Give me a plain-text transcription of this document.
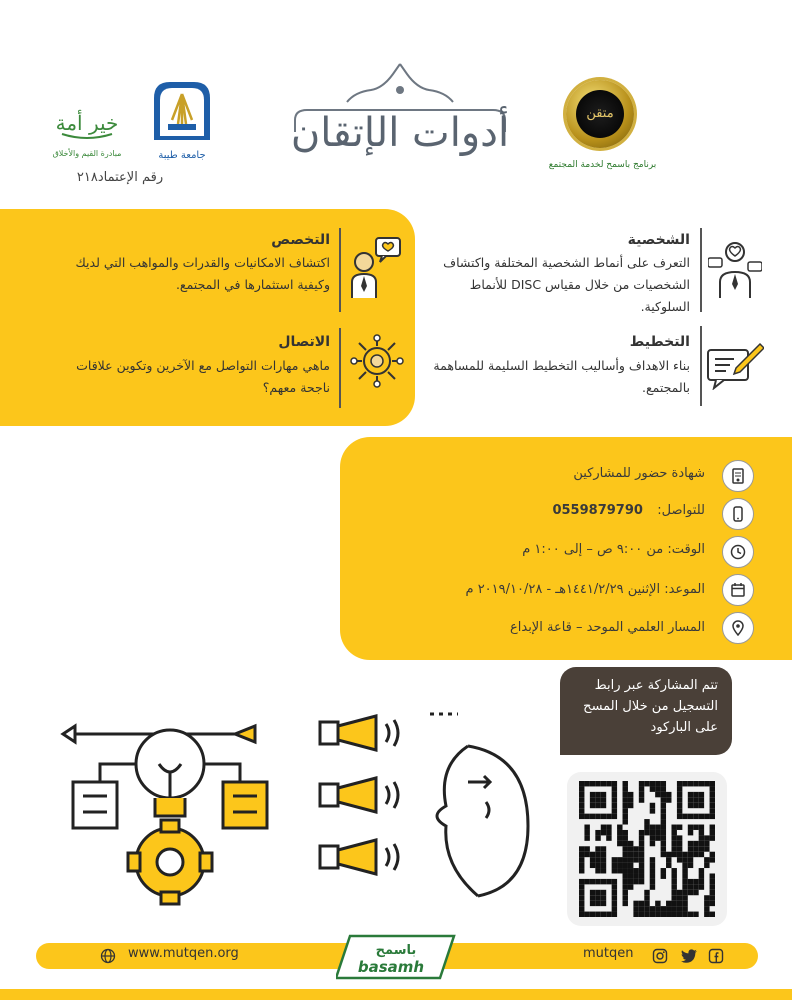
خير أمة
مبادرة القيم والأخلاق	جامعة طيبة
رقم الإعتماد٢١٨
أدوات الإتقان	متقن
برنامج باسمح لخدمة المجتمع
التخصص
اكتشاف الامكانيات والقدرات والمواهب التي لديك وكيفية استثمارها في المجتمع.
الاتصال
ماهي مهارات التواصل مع الآخرين وتكوين علاقات ناجحة معهم؟
الشخصية
التعرف على أنماط الشخصية المختلفة واكتشاف الشخصيات من خلال مقياس DISC للأنماط السلوكية.
التخطيط
بناء الاهداف وأساليب التخطيط السليمة للمساهمة بالمجتمع.
شهادة حضور للمشاركين
للتواصل:  0559879790
الوقت: من ٩:٠٠ ص – إلى ١:٠٠ م
الموعد: الإثنين ١٤٤١/٢/٢٩هـ - ٢٠١٩/١٠/٢٨ م
المسار العلمي الموحد – قاعة الإبداع
تتم المشاركة عبر رابط التسجيل من خلال المسح على الباركود
www.mutqen.org	باسمح
basamh
mutqen
